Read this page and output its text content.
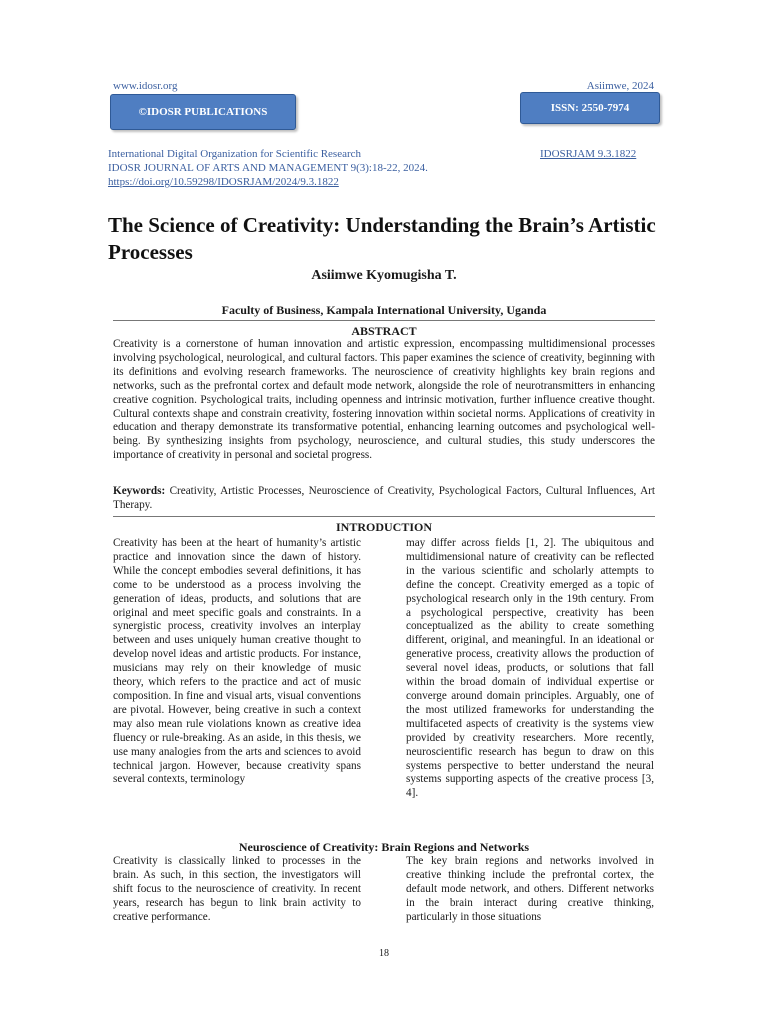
www.idosr.org	Asiimwe, 2024
©IDOSR PUBLICATIONS	ISSN: 2550-7974
International Digital Organization for Scientific Research	IDOSRJAM 9.3.1822
IDOSR JOURNAL OF ARTS AND MANAGEMENT 9(3):18-22, 2024.
https://doi.org/10.59298/IDOSRJAM/2024/9.3.1822
The Science of Creativity: Understanding the Brain’s Artistic Processes
Asiimwe Kyomugisha T.
Faculty of Business, Kampala International University, Uganda
ABSTRACT
Creativity is a cornerstone of human innovation and artistic expression, encompassing multidimensional processes involving psychological, neurological, and cultural factors. This paper examines the science of creativity, beginning with its definitions and evolving research frameworks. The neuroscience of creativity highlights key brain regions and networks, such as the prefrontal cortex and default mode network, alongside the role of neurotransmitters in enhancing creative cognition. Psychological traits, including openness and intrinsic motivation, further influence creative thought. Cultural contexts shape and constrain creativity, fostering innovation within societal norms. Applications of creativity in education and therapy demonstrate its transformative potential, enhancing learning outcomes and psychological well-being. By synthesizing insights from psychology, neuroscience, and cultural studies, this study underscores the importance of creativity in personal and societal progress.
Keywords: Creativity, Artistic Processes, Neuroscience of Creativity, Psychological Factors, Cultural Influences, Art Therapy.
INTRODUCTION
Creativity has been at the heart of humanity’s artistic practice and innovation since the dawn of history. While the concept embodies several definitions, it has come to be understood as a process involving the generation of ideas, products, and solutions that are original and meet specific goals and constraints. In a synergistic process, creativity involves an interplay between and uses uniquely human creative thought to develop novel ideas and artistic products. For instance, musicians may rely on their knowledge of music theory, which refers to the practice and act of music composition. In fine and visual arts, visual conventions are pivotal. However, being creative in such a context may also mean rule violations known as creative idea fluency or rule-breaking. As an aside, in this thesis, we use many analogies from the arts and sciences to avoid technical jargon. However, because creativity spans several contexts, terminology
may differ across fields [1, 2]. The ubiquitous and multidimensional nature of creativity can be reflected in the various scientific and scholarly attempts to define the concept. Creativity emerged as a topic of psychological research only in the 19th century. From a psychological perspective, creativity has been conceptualized as the ability to create something different, original, and meaningful. In an ideational or generative process, creativity allows the production of several novel ideas, products, or solutions that fall within the broad domain of individual expertise or converge around domain principles. Arguably, one of the most utilized frameworks for understanding the multifaceted aspects of creativity is the systems view provided by creativity researchers. More recently, neuroscientific research has begun to draw on this systems perspective to better understand the neural systems supporting aspects of the creative process [3, 4].
Neuroscience of Creativity: Brain Regions and Networks
Creativity is classically linked to processes in the brain. As such, in this section, the investigators will shift focus to the neuroscience of creativity. In recent years, research has begun to link brain activity to creative performance.
The key brain regions and networks involved in creative thinking include the prefrontal cortex, the default mode network, and others. Different networks in the brain interact during creative thinking, particularly in those situations
18
